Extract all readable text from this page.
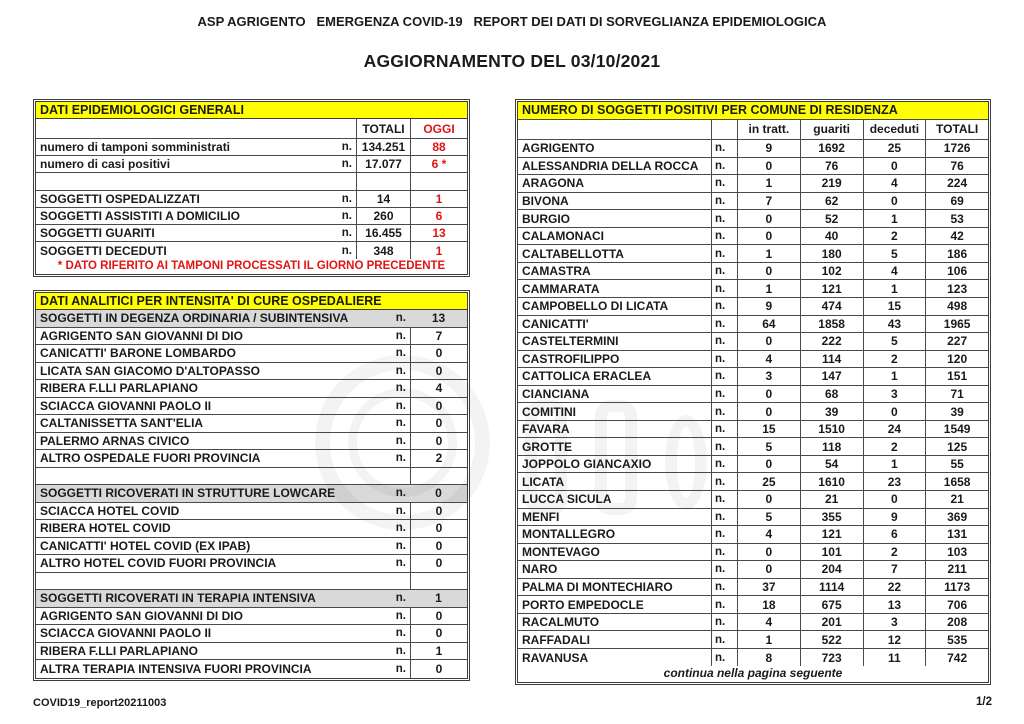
ASP AGRIGENTO   EMERGENZA COVID-19   REPORT DEI DATI DI SORVEGLIANZA EPIDEMIOLOGICA
AGGIORNAMENTO DEL 03/10/2021
DATI EPIDEMIOLOGICI GENERALI
TOTALI	OGGI
numero di tamponi somministrati	n. 134.251	88
numero di casi positivi	n.	17.077	6 *
SOGGETTI OSPEDALIZZATI	n.	14	1
SOGGETTI ASSISTITI A DOMICILIO	n.	260	6
SOGGETTI GUARITI	n.	16.455	13
SOGGETTI DECEDUTI	n.	348	1
* DATO RIFERITO AI TAMPONI PROCESSATI IL GIORNO PRECEDENTE
DATI ANALITICI PER INTENSITA' DI CURE OSPEDALIERE
SOGGETTI IN DEGENZA ORDINARIA / SUBINTENSIVA	n.	13
AGRIGENTO SAN GIOVANNI DI DIO	n.	7
CANICATTI' BARONE LOMBARDO	n.	0
LICATA SAN GIACOMO D'ALTOPASSO	n.	0
RIBERA F.LLI PARLAPIANO	n.	4
SCIACCA GIOVANNI PAOLO II	n.	0
CALTANISSETTA SANT'ELIA	n.	0
PALERMO ARNAS CIVICO	n.	0
ALTRO OSPEDALE FUORI PROVINCIA	n.	2
SOGGETTI RICOVERATI IN STRUTTURE LOWCARE	n.	0
SCIACCA HOTEL COVID	n.	0
RIBERA HOTEL COVID	n.	0
CANICATTI' HOTEL COVID (EX IPAB)	n.	0
ALTRO HOTEL COVID FUORI PROVINCIA	n.	0
SOGGETTI RICOVERATI IN TERAPIA INTENSIVA	n.	1
AGRIGENTO SAN GIOVANNI DI DIO	n.	0
SCIACCA GIOVANNI PAOLO II	n.	0
RIBERA F.LLI PARLAPIANO	n.	1
ALTRA TERAPIA INTENSIVA FUORI PROVINCIA	n.	0
NUMERO DI SOGGETTI POSITIVI PER COMUNE DI RESIDENZA
in tratt.	guariti	deceduti	TOTALI
AGRIGENTO	n.	9	1692	25	1726
ALESSANDRIA DELLA ROCCA	n.	0	76	0	76
ARAGONA	n.	1	219	4	224
BIVONA	n.	7	62	0	69
BURGIO	n.	0	52	1	53
CALAMONACI	n.	0	40	2	42
CALTABELLOTTA	n.	1	180	5	186
CAMASTRA	n.	0	102	4	106
CAMMARATA	n.	1	121	1	123
CAMPOBELLO DI LICATA	n.	9	474	15	498
CANICATTI'	n.	64	1858	43	1965
CASTELTERMINI	n.	0	222	5	227
CASTROFILIPPO	n.	4	114	2	120
CATTOLICA ERACLEA	n.	3	147	1	151
CIANCIANA	n.	0	68	3	71
COMITINI	n.	0	39	0	39
FAVARA	n.	15	1510	24	1549
GROTTE	n.	5	118	2	125
JOPPOLO GIANCAXIO	n.	0	54	1	55
LICATA	n.	25	1610	23	1658
LUCCA SICULA	n.	0	21	0	21
MENFI	n.	5	355	9	369
MONTALLEGRO	n.	4	121	6	131
MONTEVAGO	n.	0	101	2	103
NARO	n.	0	204	7	211
PALMA DI MONTECHIARO	n.	37	1114	22	1173
PORTO EMPEDOCLE	n.	18	675	13	706
RACALMUTO	n.	4	201	3	208
RAFFADALI	n.	1	522	12	535
RAVANUSA	n.	8	723	11	742
continua nella pagina seguente
COVID19_report20211003	1/2
